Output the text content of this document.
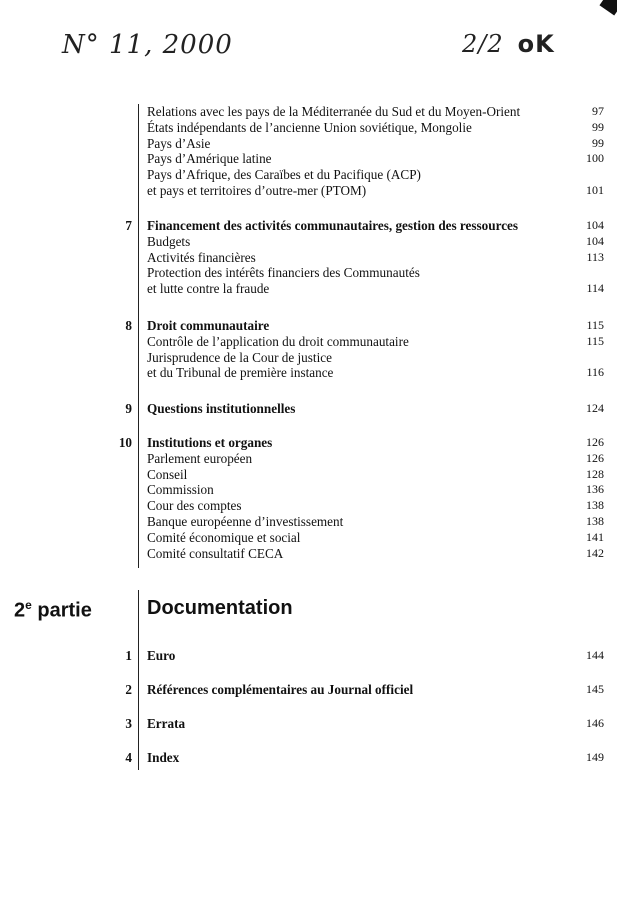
N° 11, 2000	2/2 oK
Relations avec les pays de la Méditerranée du Sud et du Moyen-Orient	97
États indépendants de l’ancienne Union soviétique, Mongolie	99
Pays d’Asie	99
Pays d’Amérique latine	100
Pays d’Afrique, des Caraïbes et du Pacifique (ACP)
et pays et territoires d’outre-mer (PTOM)	101
7 Financement des activités communautaires, gestion des ressources	104
Budgets	104
Activités financières	113
Protection des intérêts financiers des Communautés
et lutte contre la fraude	114
8 Droit communautaire	115
Contrôle de l’application du droit communautaire	115
Jurisprudence de la Cour de justice
et du Tribunal de première instance	116
9 Questions institutionnelles	124
10 Institutions et organes	126
Parlement européen	126
Conseil	128
Commission	136
Cour des comptes	138
Banque européenne d’investissement	138
Comité économique et social	141
Comité consultatif CECA	142
2e partie	Documentation
1 Euro	144
2 Références complémentaires au Journal officiel	145
3 Errata	146
4 Index	149
